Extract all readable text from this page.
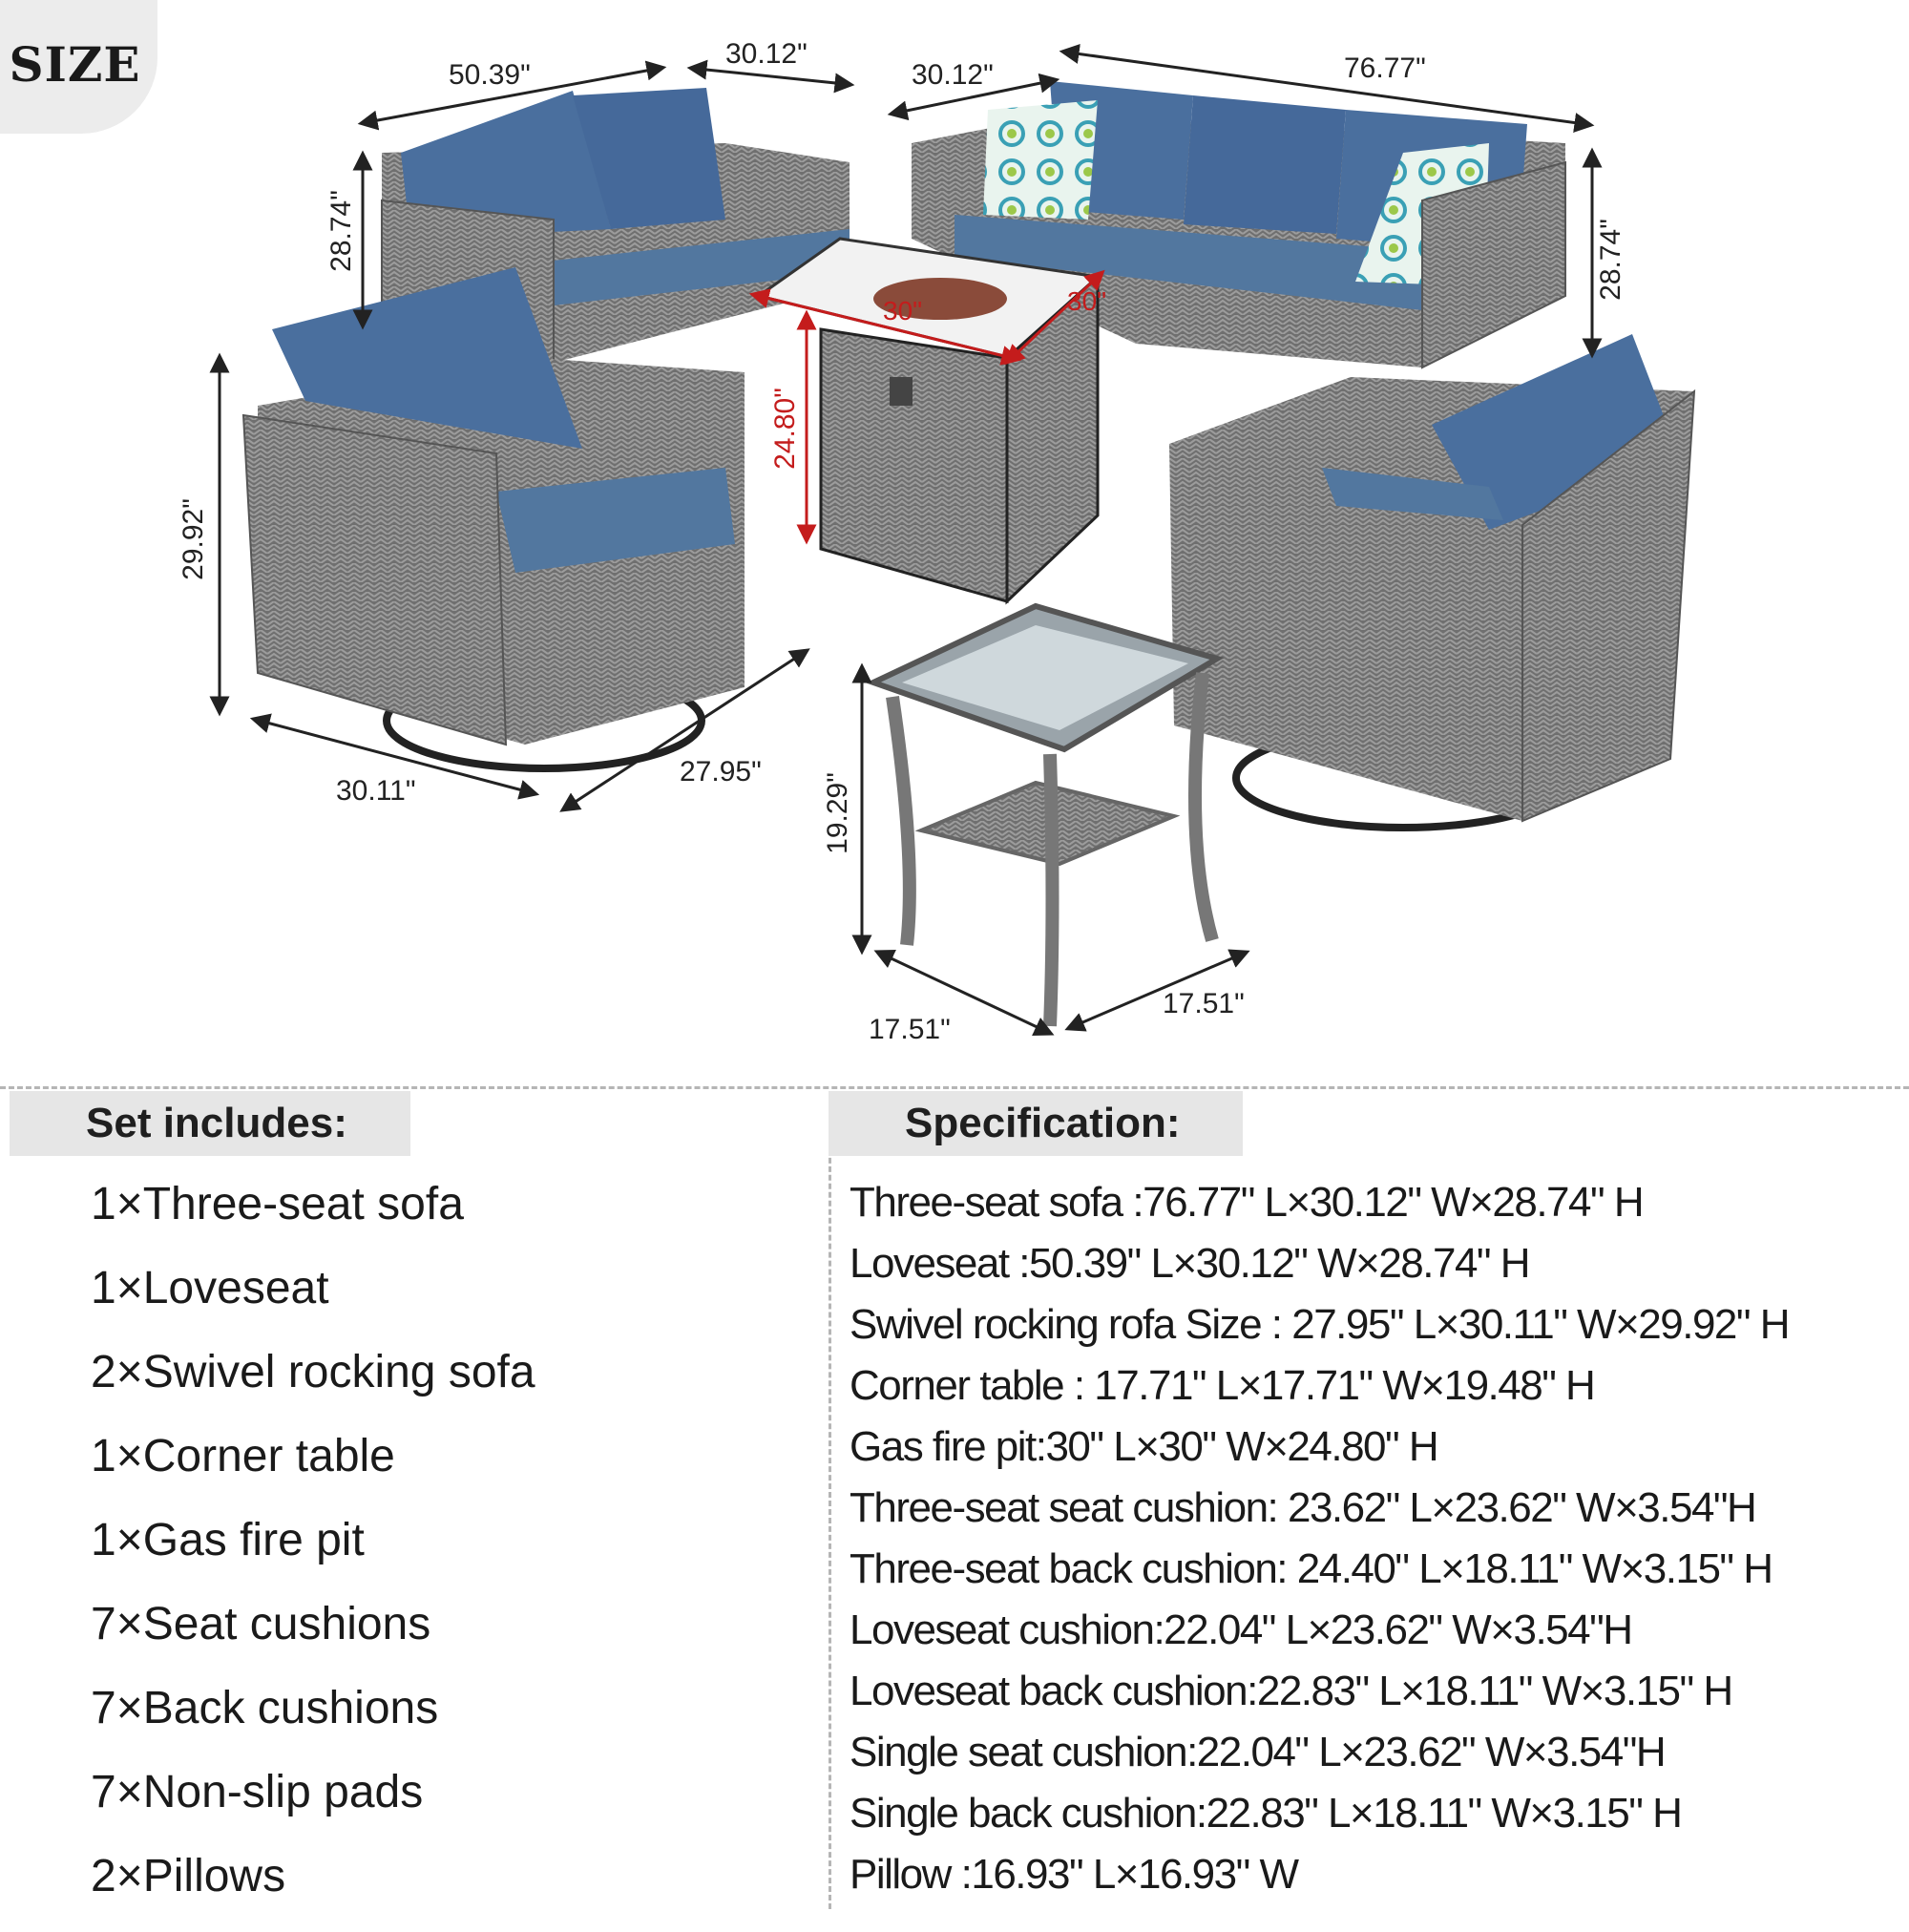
SIZE	50.39"
30.12"
28.74"
30.12"	76.77"
28.74"
30"	30"
24.80"
29.92"
30.11"
27.95"
19.29"
17.51"
17.51"
Set includes:
1×Three-seat sofa
1×Loveseat
2×Swivel rocking sofa
1×Corner table
1×Gas fire pit
7×Seat cushions
7×Back cushions
7×Non-slip pads
2×Pillows
Specification:
Three-seat sofa :76.77" L×30.12" W×28.74" H
Loveseat :50.39" L×30.12" W×28.74" H
Swivel rocking rofa Size : 27.95" L×30.11" W×29.92" H
Corner table : 17.71" L×17.71" W×19.48" H
Gas fire pit:30" L×30" W×24.80" H
Three-seat seat cushion: 23.62" L×23.62" W×3.54"H
Three-seat back cushion: 24.40" L×18.11" W×3.15" H
Loveseat cushion:22.04" L×23.62" W×3.54"H
Loveseat back cushion:22.83" L×18.11" W×3.15" H
Single seat cushion:22.04" L×23.62" W×3.54"H
Single back cushion:22.83" L×18.11" W×3.15" H
Pillow :16.93" L×16.93" W
